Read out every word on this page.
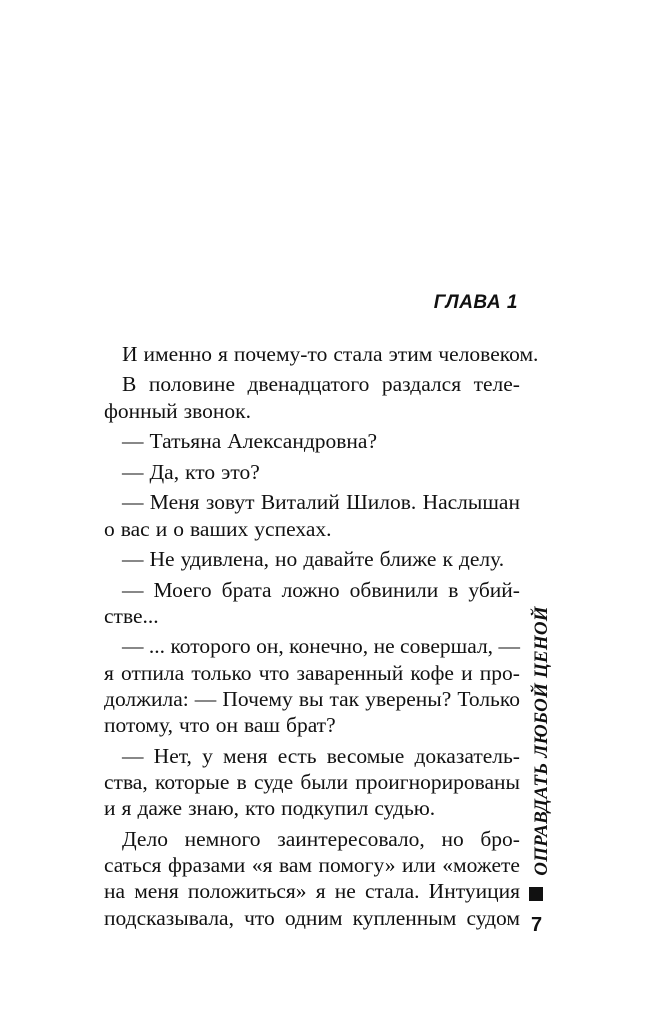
ГЛАВА 1
И именно я почему-то стала этим человеком.
В половине двенадцатого раздался теле-
фонный звонок.
— Татьяна Александровна?
— Да, кто это?
— Меня зовут Виталий Шилов. Наслышан
о вас и о ваших успехах.
— Не удивлена, но давайте ближе к делу.
— Моего брата ложно обвинили в убий-
стве...
— ... которого он, конечно, не совершал, —
я отпила только что заваренный кофе и про-
должила: — Почему вы так уверены? Только
потому, что он ваш брат?
— Нет, у меня есть весомые доказатель-
ства, которые в суде были проигнорированы
и я даже знаю, кто подкупил судью.
Дело немного заинтересовало, но бро-
саться фразами «я вам помогу» или «можете
на меня положиться» я не стала. Интуиция
подсказывала, что одним купленным судом
ОПРАВДАТЬ ЛЮБОЙ ЦЕНОЙ
7
